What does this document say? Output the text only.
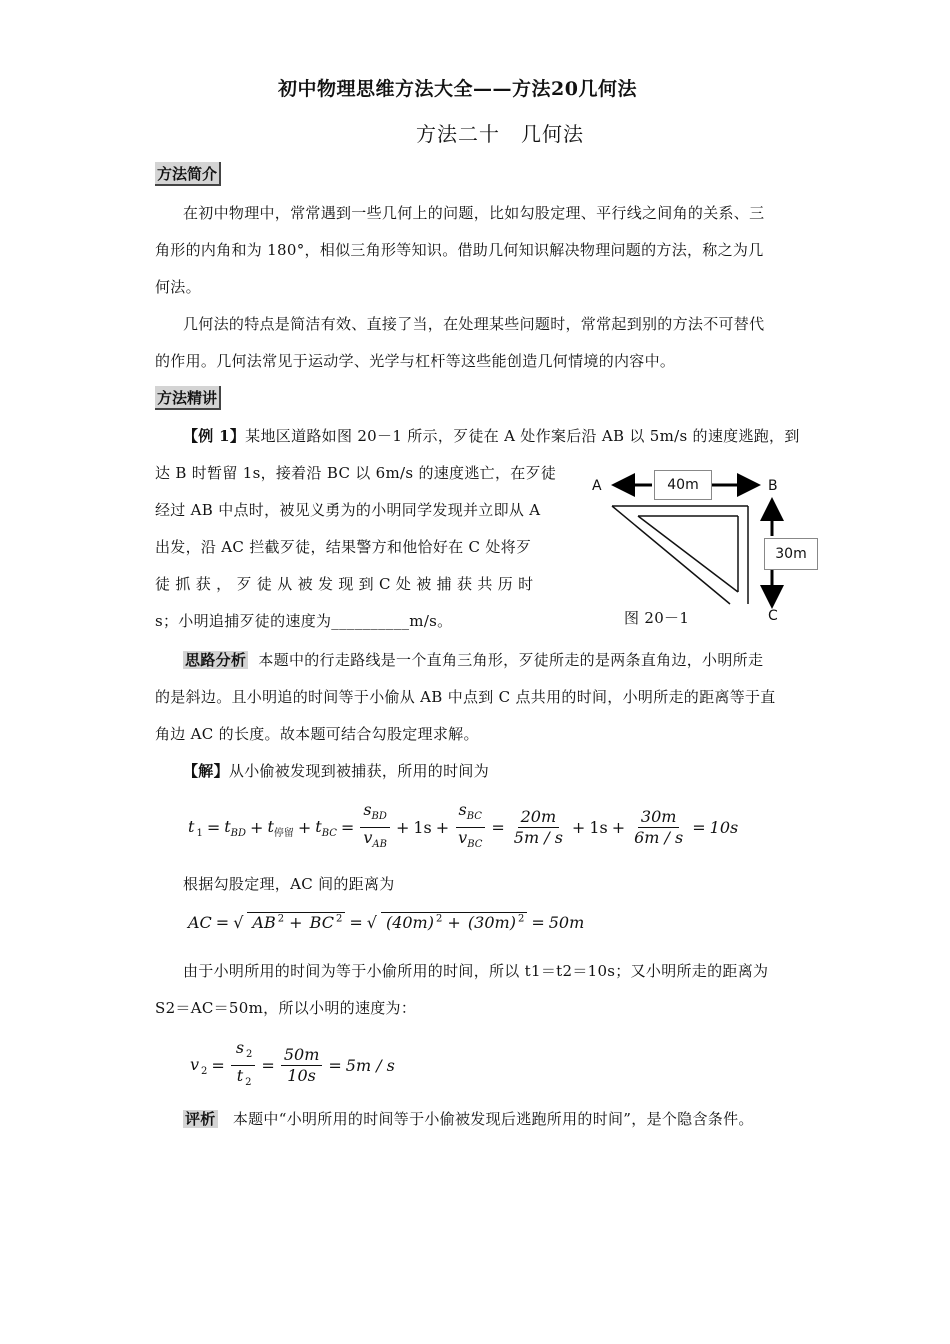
初中物理思维方法大全——方法20几何法
方法二十　几何法
方法简介
在初中物理中，常常遇到一些几何上的问题，比如勾股定理、平行线之间角的关系、三
角形的内角和为 180°，相似三角形等知识。借助几何知识解决物理问题的方法，称之为几
何法。
几何法的特点是简洁有效、直接了当，在处理某些问题时，常常起到别的方法不可替代
的作用。几何法常见于运动学、光学与杠杆等这些能创造几何情境的内容中。
方法精讲
【例 1】某地区道路如图 20－1 所示，歹徒在 A 处作案后沿 AB 以 5m/s 的速度逃跑，到
达 B 时暂留 1s，接着沿 BC 以 6m/s 的速度逃亡，在歹徒
经过 AB 中点时，被见义勇为的小明同学发现并立即从 A
出发，沿 AC 拦截歹徒，结果警方和他恰好在 C 处将歹
徒 抓 获 ， 歹 徒 从 被 发 现 到 C 处 被 捕 获 共 历 时
s；小明追捕歹徒的速度为__________m/s。
A	B
C
40m
30m
图 20－1
思路分析 本题中的行走路线是一个直角三角形，歹徒所走的是两条直角边，小明所走
的是斜边。且小明追的时间等于小偷从 AB 中点到 C 点共用的时间，小明所走的距离等于直
角边 AC 的长度。故本题可结合勾股定理求解。
【解】从小偷被发现到被捕获，所用的时间为
t $_1 = t_{BD} + t_{停留} + t_{BC} = \frac{s_{BD}}{v_{AB}} + 1s + \frac{s_{BC}}{v_{BC}} = \frac{20m}{5m / s} + 1s + \frac{30m}{6m / s} = 10s$
根据勾股定理，AC 间的距离为
AC = √ AB $^2$ + BC $^2$ = √ (40m) $^2$ + (30m) $^2$ = 50m
由于小明所用的时间为等于小偷所用的时间，所以 t1＝t2＝10s；又小明所走的距离为
S2＝AC＝50m，所以小明的速度为：
v $_2 = \frac{s _2}{t _2} = \frac{50m}{10s} = 5m / s$
评析 本题中“小明所用的时间等于小偷被发现后逃跑所用的时间”，是个隐含条件。
